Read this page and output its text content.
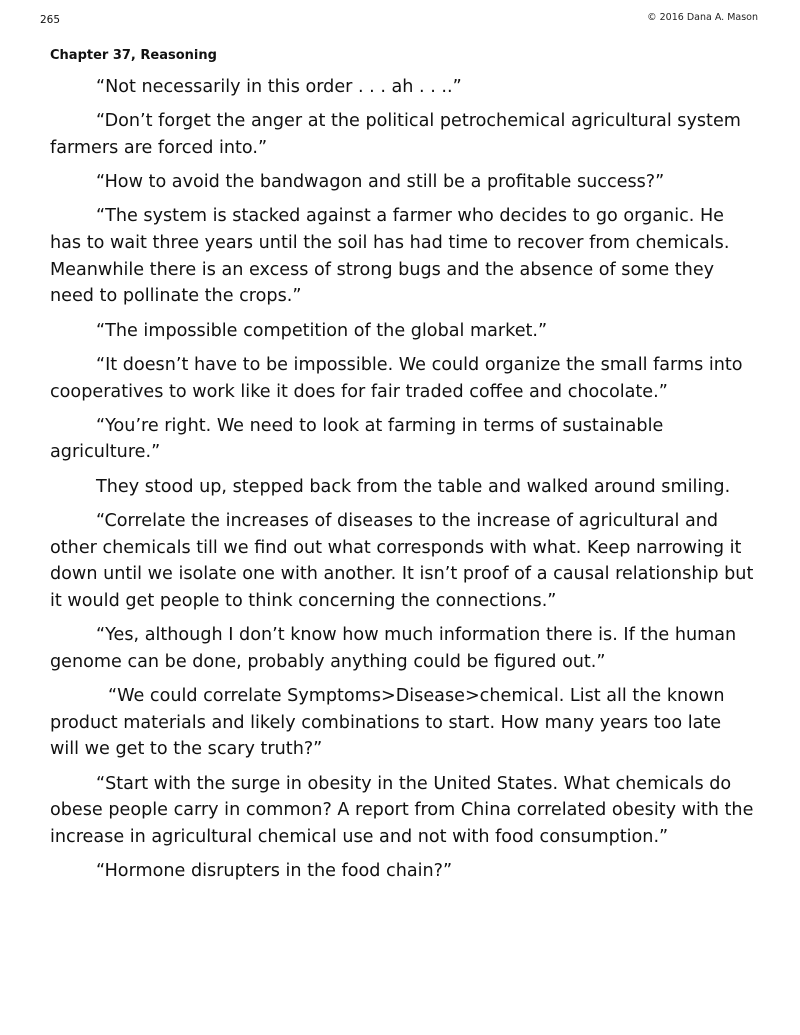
265	© 2016 Dana A. Mason
Chapter 37, Reasoning

“Not necessarily in this order . . . ah . . ..”

“Don’t forget the anger at the political petrochemical agricultural system farmers are forced into.”

“How to avoid the bandwagon and still be a profitable success?”

“The system is stacked against a farmer who decides to go organic. He has to wait three years until the soil has had time to recover from chemicals. Meanwhile there is an excess of strong bugs and the absence of some they need to pollinate the crops.”

“The impossible competition of the global market.”

“It doesn’t have to be impossible. We could organize the small farms into cooperatives to work like it does for fair traded coffee and chocolate.”

“You’re right. We need to look at farming in terms of sustainable agriculture.”

They stood up, stepped back from the table and walked around smiling.

“Correlate the increases of diseases to the increase of agricultural and other chemicals till we find out what corresponds with what. Keep narrowing it down until we isolate one with another. It isn’t proof of a causal relationship but it would get people to think concerning the connections.”

“Yes, although I don’t know how much information there is. If the human genome can be done, probably anything could be figured out.”

“We could correlate Symptoms>Disease>chemical. List all the known product materials and likely combinations to start. How many years too late will we get to the scary truth?”

“Start with the surge in obesity in the United States. What chemicals do obese people carry in common? A report from China correlated obesity with the increase in agricultural chemical use and not with food consumption.”

“Hormone disrupters in the food chain?”
